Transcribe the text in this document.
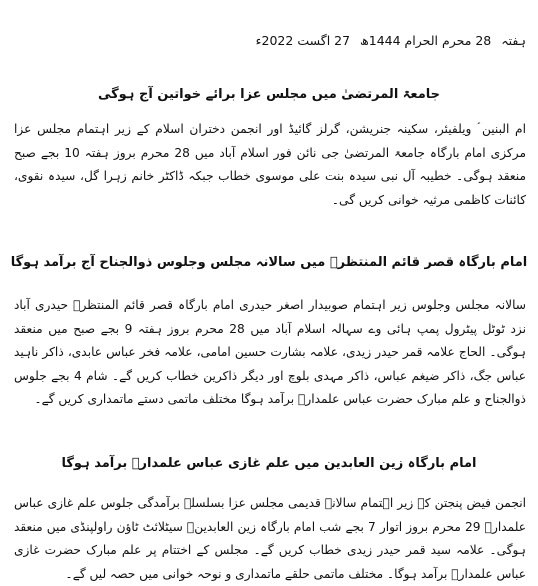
ہفتہ 28 محرم الحرام 1444ھ 27 اگست 2022ء
جامعۃ المرتضیٰ میں مجلس عزا برائے خواتین آج ہوگی
ام البنین ؑ ویلفیئر، سکینہ جنریشن، گرلز گائیڈ اور انجمن دختران اسلام کے زیر اہتمام مجلس عزا مرکزی امام بارگاہ جامعۃ المرتضیٰ جی نائن فور اسلام آباد میں 28 محرم بروز ہفتہ 10 بجے صبح منعقد ہوگی۔ خطیبہ آل نبی سیدہ بنت علی موسوی خطاب جبکہ ڈاکٹر خانم زہرا گل، سیدہ نقوی، کائنات کاظمی مرثیہ خوانی کریں گی۔
امام بارگاہ قصر قائم المنتظرؑ میں سالانہ مجلس وجلوس ذوالجناح آج برآمد ہوگا
سالانہ مجلس وجلوس زیر اہتمام صوبیدار اصغر حیدری امام بارگاہ قصر قائم المنتظرؑ حیدری آباد نزد ٹوٹل پیٹرول پمپ ہائی وے سہالہ اسلام آباد میں 28 محرم بروز ہفتہ 9 بجے صبح میں منعقد ہوگی۔ الحاج علامہ قمر حیدر زیدی، علامہ بشارت حسین امامی، علامہ فخر عباس عابدی، ذاکر ناہید عباس جگ، ذاکر ضیغم عباس، ذاکر مہدی بلوچ اور دیگر ذاکرین خطاب کریں گے۔ شام 4 بجے جلوس ذوالجناح و علم مبارک حضرت عباس علمدارؑ برآمد ہوگا مختلف ماتمی دستے ماتمداری کریں گے۔
امام بارگاہ زین العابدین میں علم غازی عباس علمدارؑ برآمد ہوگا
انجمن فیض پنجتن کے زیر اہتمام سالانہ قدیمی مجلس عزا بسلسلہ برآمدگی جلوس علم غازی عباس علمدارؑ 29 محرم بروز اتوار 7 بجے شب امام بارگاہ زین العابدینؑ سیٹلائٹ ٹاؤن راولپنڈی میں منعقد ہوگی۔ علامہ سید قمر حیدر زیدی خطاب کریں گے۔ مجلس کے اختتام پر علم مبارک حضرت غازی عباس علمدارؑ برآمد ہوگا۔ مختلف ماتمی حلقے ماتمداری و نوحہ خوانی میں حصہ لیں گے۔
